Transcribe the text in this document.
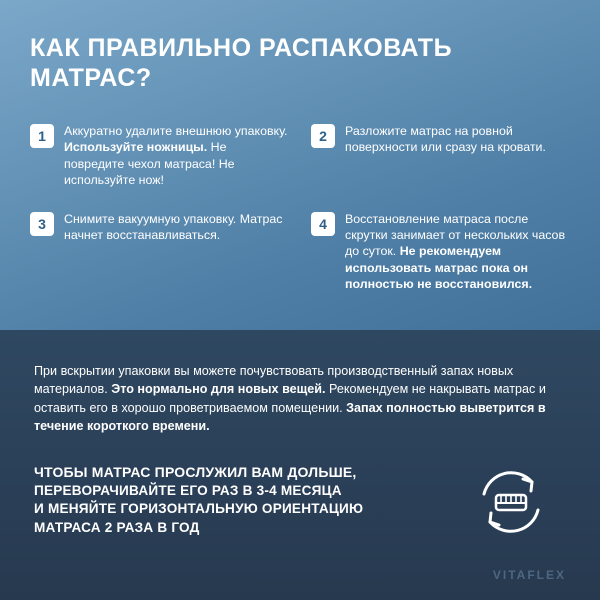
КАК ПРАВИЛЬНО РАСПАКОВАТЬ МАТРАС?
1	Аккуратно удалите внешнюю упаковку. Используйте ножницы. Не повредите чехол матраса! Не используйте нож!
2	Разложите матрас на ровной поверхности или сразу на кровати.
3	Снимите вакуумную упаковку. Матрас начнет восстанавливаться.
4	Восстановление матраса после скрутки занимает от нескольких часов до суток. Не рекомендуем использовать матрас пока он полностью не восстановился.
При вскрытии упаковки вы можете почувствовать производственный запах новых материалов. Это нормально для новых вещей. Рекомендуем не накрывать матрас и оставить его в хорошо проветриваемом помещении. Запах полностью выветрится в течение короткого времени.
ЧТОБЫ МАТРАС ПРОСЛУЖИЛ ВАМ ДОЛЬШЕ,
ПЕРЕВОРАЧИВАЙТЕ ЕГО РАЗ В 3-4 МЕСЯЦА
И МЕНЯЙТЕ ГОРИЗОНТАЛЬНУЮ ОРИЕНТАЦИЮ
МАТРАСА 2 РАЗА В ГОД
VITAFLEX
